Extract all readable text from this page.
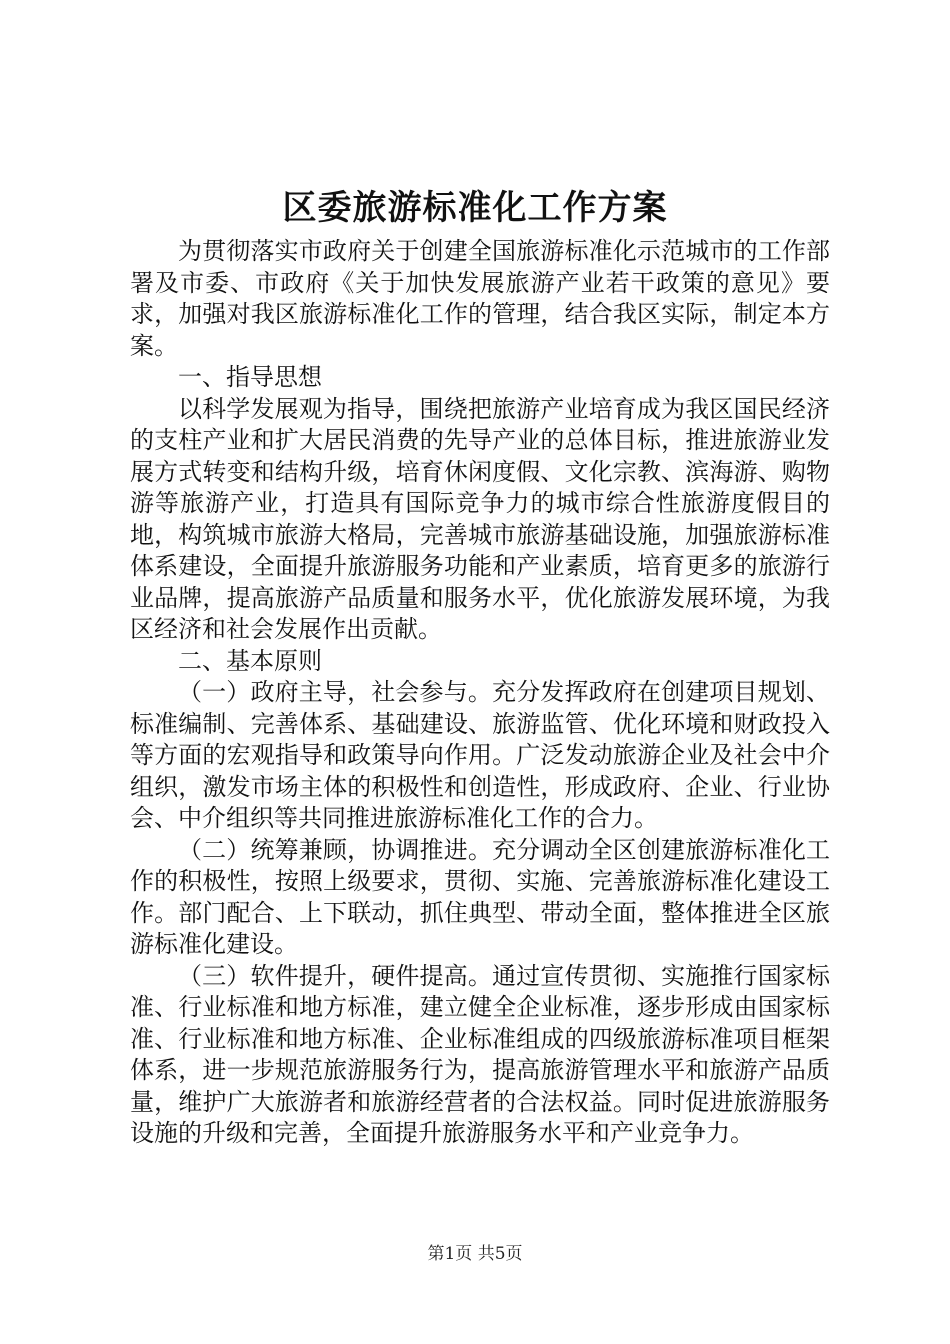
区委旅游标准化工作方案

为贯彻落实市政府关于创建全国旅游标准化示范城市的工作部署及市委、市政府《关于加快发展旅游产业若干政策的意见》要求，加强对我区旅游标准化工作的管理，结合我区实际，制定本方案。

一、指导思想

以科学发展观为指导，围绕把旅游产业培育成为我区国民经济的支柱产业和扩大居民消费的先导产业的总体目标，推进旅游业发展方式转变和结构升级，培育休闲度假、文化宗教、滨海游、购物游等旅游产业，打造具有国际竞争力的城市综合性旅游度假目的地，构筑城市旅游大格局，完善城市旅游基础设施，加强旅游标准体系建设，全面提升旅游服务功能和产业素质，培育更多的旅游行业品牌，提高旅游产品质量和服务水平，优化旅游发展环境，为我区经济和社会发展作出贡献。

二、基本原则

（一）政府主导，社会参与。充分发挥政府在创建项目规划、标准编制、完善体系、基础建设、旅游监管、优化环境和财政投入等方面的宏观指导和政策导向作用。广泛发动旅游企业及社会中介组织，激发市场主体的积极性和创造性，形成政府、企业、行业协会、中介组织等共同推进旅游标准化工作的合力。

（二）统筹兼顾，协调推进。充分调动全区创建旅游标准化工作的积极性，按照上级要求，贯彻、实施、完善旅游标准化建设工作。部门配合、上下联动，抓住典型、带动全面，整体推进全区旅游标准化建设。

（三）软件提升，硬件提高。通过宣传贯彻、实施推行国家标准、行业标准和地方标准，建立健全企业标准，逐步形成由国家标准、行业标准和地方标准、企业标准组成的四级旅游标准项目框架体系，进一步规范旅游服务行为，提高旅游管理水平和旅游产品质量，维护广大旅游者和旅游经营者的合法权益。同时促进旅游服务设施的升级和完善，全面提升旅游服务水平和产业竞争力。

第1页 共5页
